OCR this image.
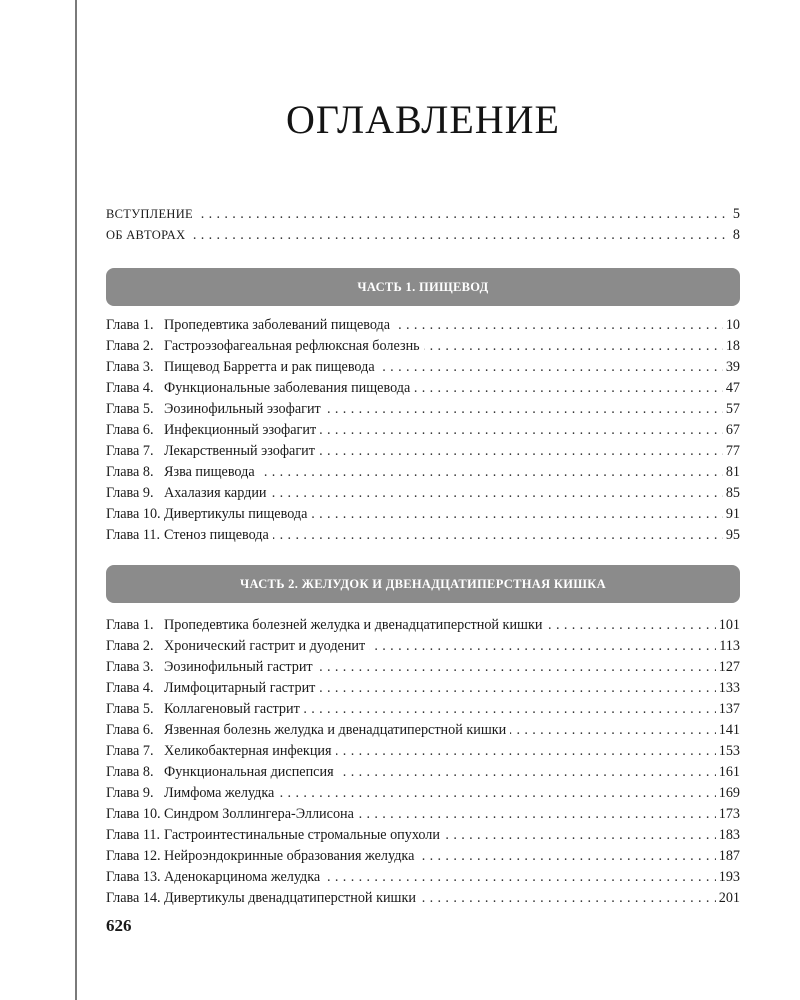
ОГЛАВЛЕНИЕ
. . .
ВСТУПЛЕНИЕ	5
. . .
ОБ АВТОРАХ	8
ЧАСТЬ 1. ПИЩЕВОД
. . .
Глава 1. Пропедевтика заболеваний пищевода	10
. . .
Глава 2. Гастроэзофагеальная рефлюксная болезнь	18
. . .
Глава 3. Пищевод Барретта и рак пищевода	39
. . .
Глава 4. Функциональные заболевания пищевода	47
. . .
Глава 5. Эозинофильный эзофагит	57
. . .
Глава 6. Инфекционный эзофагит	67
. . .
Глава 7. Лекарственный эзофагит	77
. . .
Глава 8. Язва пищевода	81
. . .
Глава 9. Ахалазия кардии	85
. . .
Глава 10. Дивертикулы пищевода	91
. . .
Глава 11. Стеноз пищевода	95
ЧАСТЬ 2. ЖЕЛУДОК И ДВЕНАДЦАТИПЕРСТНАЯ КИШКА
. . .
Глава 1. Пропедевтика болезней желудка и двенадцатиперстной кишки	101
. . .
Глава 2. Хронический гастрит и дуоденит	113
. . .
Глава 3. Эозинофильный гастрит	127
. . .
Глава 4. Лимфоцитарный гастрит	133
. . .
Глава 5. Коллагеновый гастрит	137
. . .
Глава 6. Язвенная болезнь желудка и двенадцатиперстной кишки	141
. . .
Глава 7. Хеликобактерная инфекция	153
. . .
Глава 8. Функциональная диспепсия	161
. . .
Глава 9. Лимфома желудка	169
. . .
Глава 10. Синдром Золлингера-Эллисона	173
. . .
Глава 11. Гастроинтестинальные стромальные опухоли	183
. . .
Глава 12. Нейроэндокринные образования желудка	187
. . .
Глава 13. Аденокарцинома желудка	193
. . .
Глава 14. Дивертикулы двенадцатиперстной кишки	201
626
